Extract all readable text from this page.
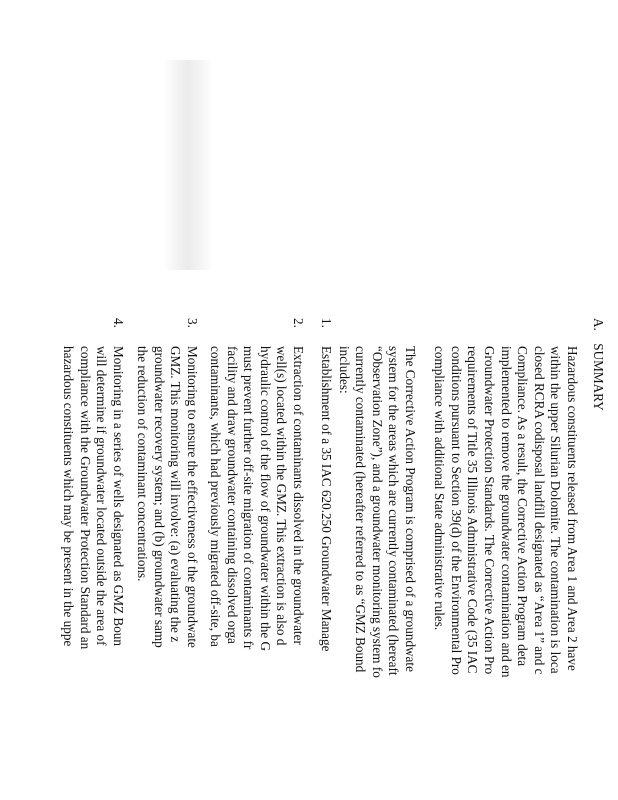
A. SUMMARY
Hazardous constituents released from Area 1 and Area 2 have
within the upper Silurian Dolomite. The contamination is loca
closed RCRA codisposal landfill designated as “Area 1” and c
Compliance. As a result, the Corrective Action Program deta
implemented to remove the groundwater contamination and en
Groundwater Protection Standards. The Corrective Action Pro
requirements of Title 35 Illinois Administrative Code (35 IAC
conditions pursuant to Section 39(d) of the Environmental Pro
compliance with additional State administrative rules.
The Corrective Action Program is comprised of a groundwate
system for the areas which are currently contaminated (hereaft
“Observation Zone”), and a groundwater monitoring system fo
currently contaminated (hereafter referred to as “GMZ Bound
includes:
1.
Establishment of a 35 IAC 620.250 Groundwater Manage
2.
Extraction of contaminants dissolved in the groundwater
well(s) located within the GMZ. This extraction is also d
hydraulic control of the flow of groundwater within the G
must prevent further off-site migration of contaminants fr
facility and draw groundwater containing dissolved orga
contaminants, which had previously migrated off-site, ba
3.
Monitoring to ensure the effectiveness of the groundwate
GMZ. This monitoring will involve: (a) evaluating the z
groundwater recovery system; and (b) groundwater samp
the reduction of contaminant concentrations.
4.
Monitoring in a series of wells designated as GMZ Boun
will determine if groundwater located outside the area of
compliance with the Groundwater Protection Standard an
hazardous constituents which may be present in the uppe
